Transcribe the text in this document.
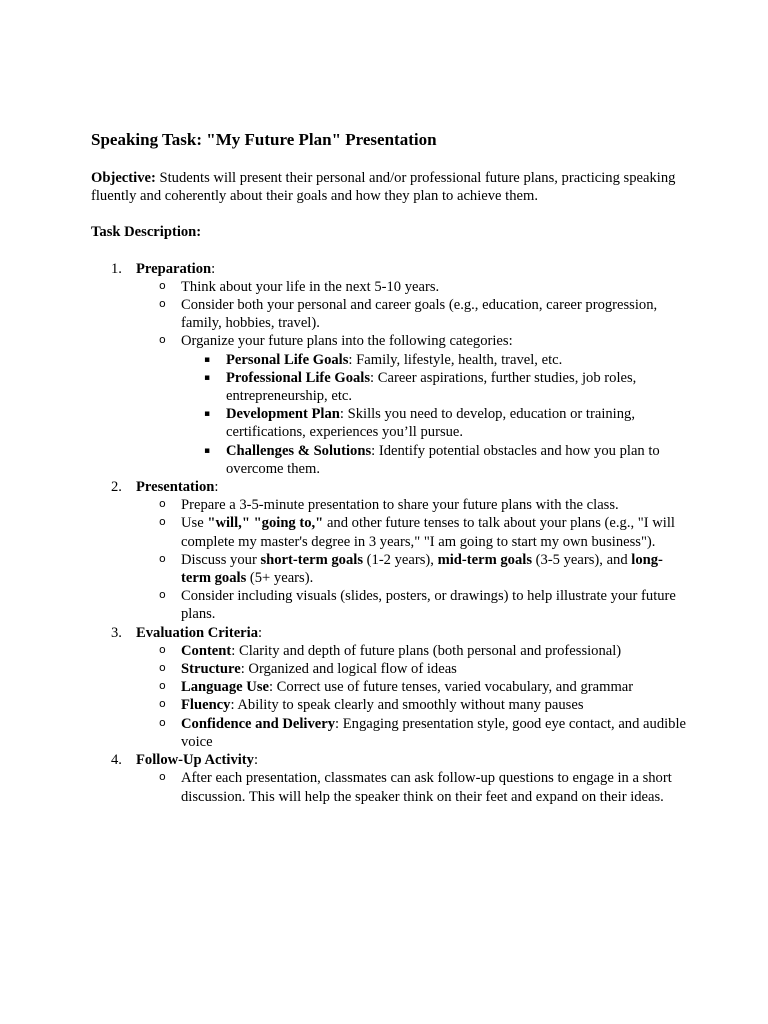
Speaking Task: "My Future Plan" Presentation

Objective: Students will present their personal and/or professional future plans, practicing speaking fluently and coherently about their goals and how they plan to achieve them.

Task Description:

1. Preparation:
o Think about your life in the next 5-10 years.
o Consider both your personal and career goals (e.g., education, career progression, family, hobbies, travel).
o Organize your future plans into the following categories:
▪ Personal Life Goals: Family, lifestyle, health, travel, etc.
▪ Professional Life Goals: Career aspirations, further studies, job roles, entrepreneurship, etc.
▪ Development Plan: Skills you need to develop, education or training, certifications, experiences you’ll pursue.
▪ Challenges & Solutions: Identify potential obstacles and how you plan to overcome them.
2. Presentation:
o Prepare a 3-5-minute presentation to share your future plans with the class.
o Use "will," "going to," and other future tenses to talk about your plans (e.g., "I will complete my master's degree in 3 years," "I am going to start my own business").
o Discuss your short-term goals (1-2 years), mid-term goals (3-5 years), and long-term goals (5+ years).
o Consider including visuals (slides, posters, or drawings) to help illustrate your future plans.
3. Evaluation Criteria:
o Content: Clarity and depth of future plans (both personal and professional)
o Structure: Organized and logical flow of ideas
o Language Use: Correct use of future tenses, varied vocabulary, and grammar
o Fluency: Ability to speak clearly and smoothly without many pauses
o Confidence and Delivery: Engaging presentation style, good eye contact, and audible voice
4. Follow-Up Activity:
o After each presentation, classmates can ask follow-up questions to engage in a short discussion. This will help the speaker think on their feet and expand on their ideas.
